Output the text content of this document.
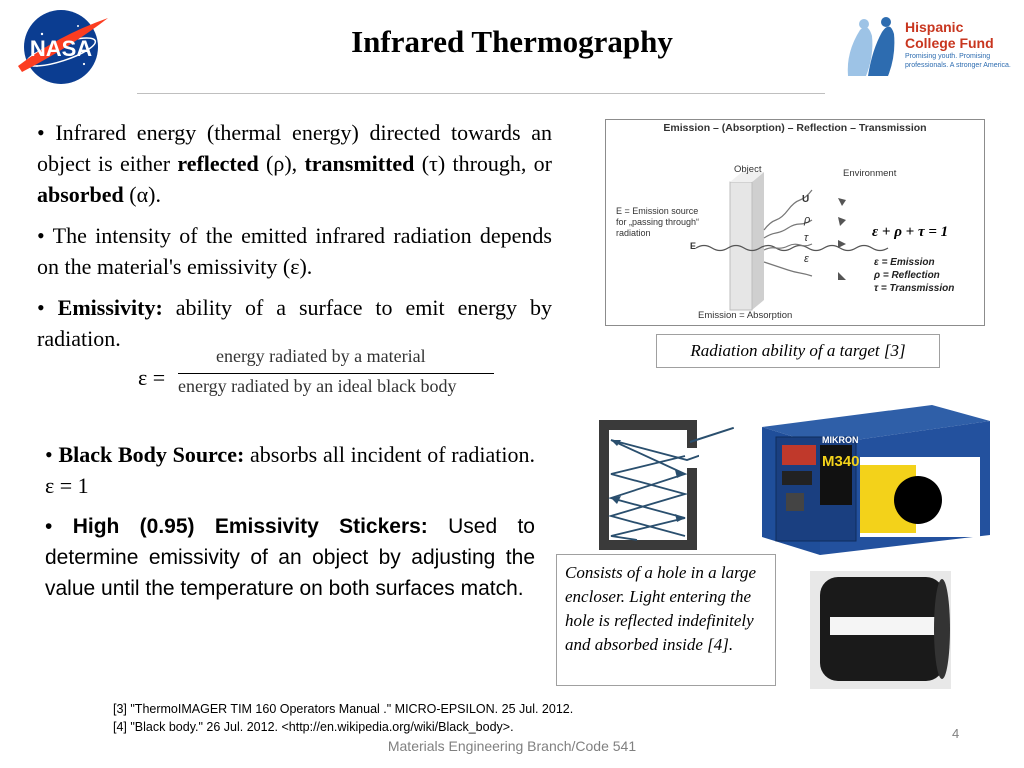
NASA
Hispanic
College Fund
Promising youth. Promising professionals. A stronger America.
Infrared Thermography

• Infrared energy (thermal energy) directed towards an object is either reflected (ρ), transmitted (τ) through, or absorbed (α).

• The intensity of the emitted infrared radiation depends on the material's emissivity (ε).

• Emissivity: ability of a surface to emit energy by radiation.

ε =
energy radiated by a material
energy radiated by an ideal black body

• Black Body Source: absorbs all incident of radiation. ε = 1

• High (0.95) Emissivity Stickers: Used to determine emissivity of an object by adjusting the value until the temperature on both surfaces match.

Emission – (Absorption) – Reflection – Transmission
Object	Environment
E = Emission source
for „passing through“
radiation
E
U
ρ
τ
ε
ε + ρ + τ = 1
ε = Emission
ρ = Reflection
τ = Transmission
Emission = Absorption
Radiation ability of a target [3]
MIKRON
M340
Consists of a hole in a large encloser. Light entering the hole is reflected indefinitely and absorbed inside [4].
[3] "ThermoIMAGER TIM 160 Operators Manual ." MICRO-EPSILON. 25 Jul. 2012.
[4] "Black body." 26 Jul. 2012. <http://en.wikipedia.org/wiki/Black_body>.
Materials Engineering Branch/Code 541
4
